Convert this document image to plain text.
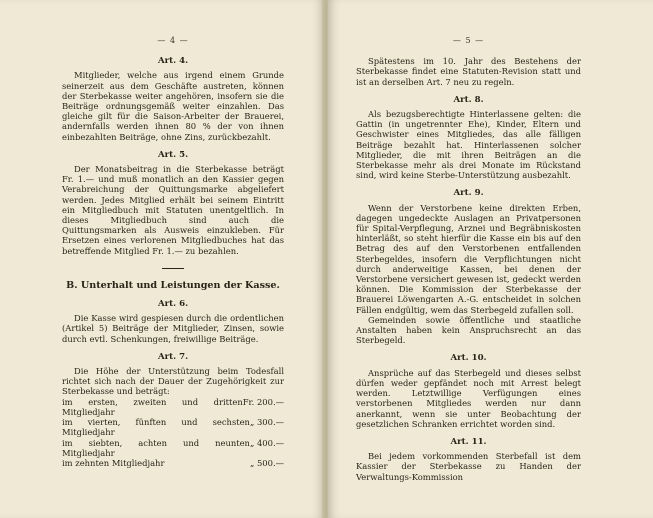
— 4 —
Art. 4.

Mitglieder, welche aus irgend einem Grunde seinerzeit aus dem Geschäfte austreten, können der Sterbekasse weiter angehören, insofern sie die Beiträge ordnungsgemäß weiter einzahlen. Das gleiche gilt für die Saison-Arbeiter der Brauerei, andernfalls werden ihnen 80 % der von ihnen einbezahlten Beiträge, ohne Zins, zurückbezahlt.

Art. 5.

Der Monatsbeitrag in die Sterbekasse beträgt Fr. 1.— und muß monatlich an den Kassier gegen Verabreichung der Quittungsmarke abgeliefert werden. Jedes Mitglied erhält bei seinem Eintritt ein Mitgliedbuch mit Statuten unentgeltlich. In dieses Mitgliedbuch sind auch die Quittungsmarken als Ausweis einzukleben. Für Ersetzen eines verlorenen Mitgliedbuches hat das betreffende Mitglied Fr. 1.— zu bezahlen.

B. Unterhalt und Leistungen der Kasse.
Art. 6.

Die Kasse wird gespiesen durch die ordentlichen (Artikel 5) Beiträge der Mitglieder, Zinsen, sowie durch evtl. Schenkungen, freiwillige Beiträge.

Art. 7.

Die Höhe der Unterstützung beim Todesfall richtet sich nach der Dauer der Zugehörigkeit zur Sterbekasse und beträgt:

im ersten, zweiten und dritten Mitgliedjahr
Fr. 200.—
im vierten, fünften und sechsten Mitgliedjahr
„ 300.—
im siebten, achten und neunten Mitgliedjahr
„ 400.—
im zehnten Mitgliedjahr	„ 500.—
— 5 —

Spätestens im 10. Jahr des Bestehens der Sterbekasse findet eine Statuten-Revision statt und ist an derselben Art. 7 neu zu regeln.

Art. 8.

Als bezugsberechtigte Hinterlassene gelten: die Gattin (in ungetrennter Ehe), Kinder, Eltern und Geschwister eines Mitgliedes, das alle fälligen Beiträge bezahlt hat. Hinterlassenen solcher Mitglieder, die mit ihren Beiträgen an die Sterbekasse mehr als drei Monate im Rückstand sind, wird keine Sterbe-Unterstützung ausbezahlt.

Art. 9.

Wenn der Verstorbene keine direkten Erben, dagegen ungedeckte Auslagen an Privatpersonen für Spital-Verpflegung, Arznei und Begräbniskosten hinterläßt, so steht hierfür die Kasse ein bis auf den Betrag des auf den Verstorbenen entfallenden Sterbegeldes, insofern die Verpflichtungen nicht durch anderweitige Kassen, bei denen der Verstorbene versichert gewesen ist, gedeckt werden können. Die Kommission der Sterbekasse der Brauerei Löwengarten A.-G. entscheidet in solchen Fällen endgültig, wem das Sterbegeld zufallen soll.

Gemeinden sowie öffentliche und staatliche Anstalten haben kein Anspruchsrecht an das Sterbegeld.

Art. 10.

Ansprüche auf das Sterbegeld und dieses selbst dürfen weder gepfändet noch mit Arrest belegt werden. Letztwillige Verfügungen eines verstorbenen Mitgliedes werden nur dann anerkannt, wenn sie unter Beobachtung der gesetzlichen Schranken errichtet worden sind.

Art. 11.

Bei jedem vorkommenden Sterbefall ist dem Kassier der Sterbekasse zu Handen der Verwaltungs-Kommission
